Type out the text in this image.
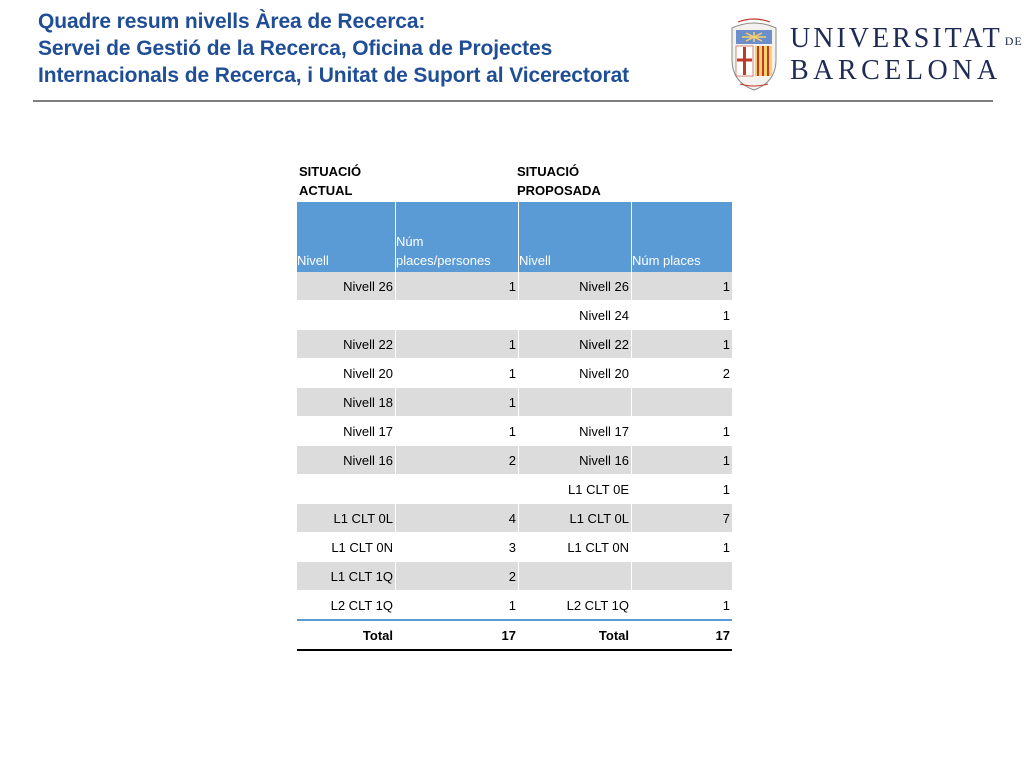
Quadre resum nivells Àrea de Recerca:
Servei de Gestió de la Recerca, Oficina de Projectes
Internacionals de Recerca, i Unitat de Suport al Vicerectorat
UNIVERSITAT DE
BARCELONA
SITUACIÓ ACTUAL
SITUACIÓ PROPOSADA
Nivell	Núm places/persones	Nivell	Núm places
Nivell 26	1	Nivell 26	1
		Nivell 24	1
Nivell 22	1	Nivell 22	1
Nivell 20	1	Nivell 20	2
Nivell 18	1		
Nivell 17	1	Nivell 17	1
Nivell 16	2	Nivell 16	1
		L1 CLT 0E	1
L1 CLT 0L	4	L1 CLT 0L	7
L1 CLT 0N	3	L1 CLT 0N	1
L1 CLT 1Q	2		
L2 CLT 1Q	1	L2 CLT 1Q	1
Total	17	Total	17
